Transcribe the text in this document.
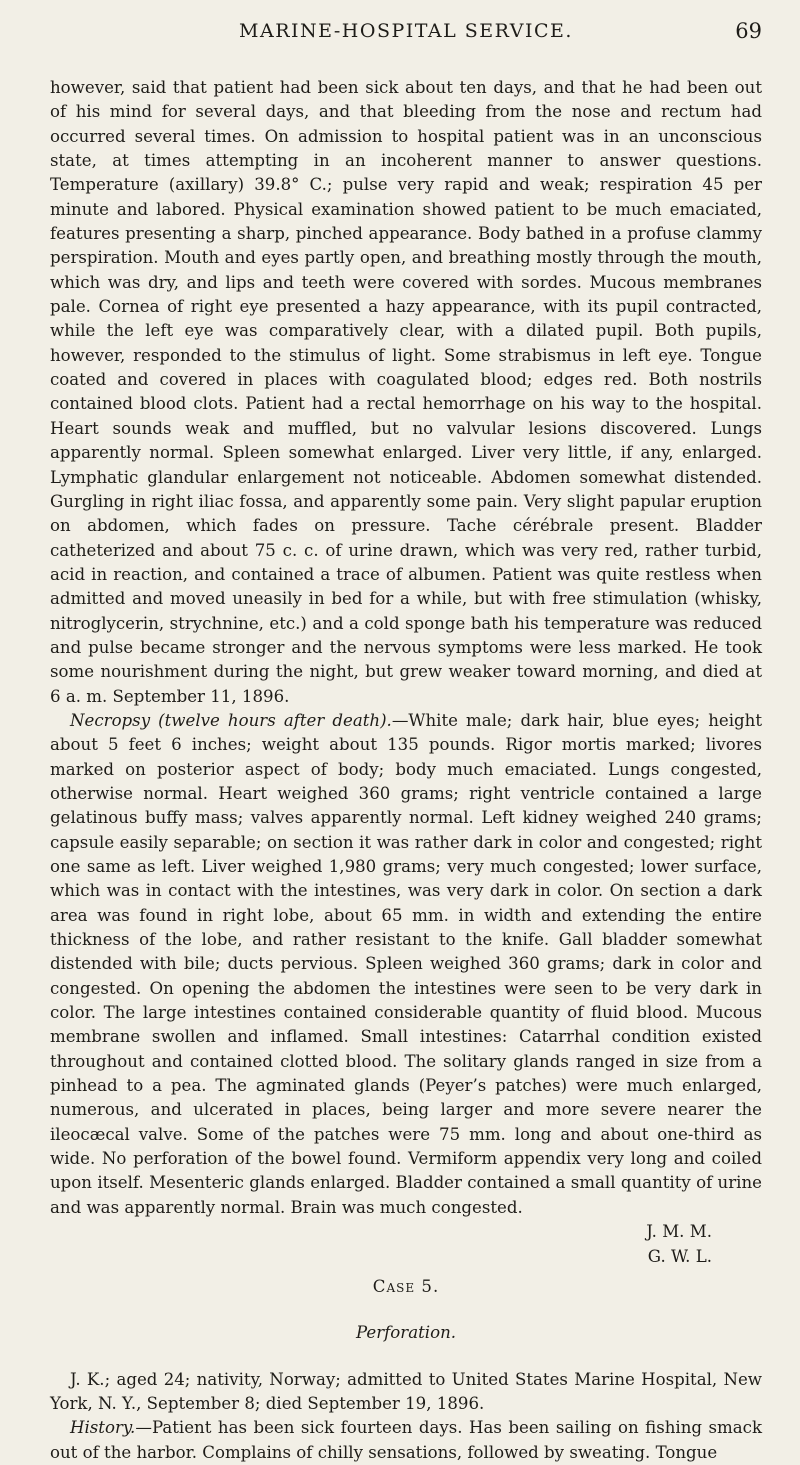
MARINE-HOSPITAL SERVICE.	69

however, said that patient had been sick about ten days, and that he had been out of his mind for several days, and that bleeding from the nose and rectum had occurred several times. On admission to hospital patient was in an unconscious state, at times attempting in an incoherent manner to answer questions. Temperature (axillary) 39.8° C.; pulse very rapid and weak; respiration 45 per minute and labored. Physical examination showed patient to be much emaciated, features presenting a sharp, pinched appearance. Body bathed in a profuse clammy perspiration. Mouth and eyes partly open, and breathing mostly through the mouth, which was dry, and lips and teeth were covered with sordes. Mucous membranes pale. Cornea of right eye presented a hazy appearance, with its pupil contracted, while the left eye was comparatively clear, with a dilated pupil. Both pupils, however, responded to the stimulus of light. Some strabismus in left eye. Tongue coated and covered in places with coagulated blood; edges red. Both nostrils contained blood clots. Patient had a rectal hemorrhage on his way to the hospital. Heart sounds weak and muffled, but no valvular lesions discovered. Lungs apparently normal. Spleen somewhat enlarged. Liver very little, if any, enlarged. Lymphatic glandular enlargement not noticeable. Abdomen somewhat distended. Gurgling in right iliac fossa, and apparently some pain. Very slight papular eruption on abdomen, which fades on pressure. Tache cérébrale present. Bladder catheterized and about 75 c. c. of urine drawn, which was very red, rather turbid, acid in reaction, and contained a trace of albumen. Patient was quite restless when admitted and moved uneasily in bed for a while, but with free stimulation (whisky, nitroglycerin, strychnine, etc.) and a cold sponge bath his temperature was reduced and pulse became stronger and the nervous symptoms were less marked. He took some nourishment during the night, but grew weaker toward morning, and died at 6 a. m. September 11, 1896.

Necropsy (twelve hours after death).—White male; dark hair, blue eyes; height about 5 feet 6 inches; weight about 135 pounds. Rigor mortis marked; livores marked on posterior aspect of body; body much emaciated. Lungs congested, otherwise normal. Heart weighed 360 grams; right ventricle contained a large gelatinous buffy mass; valves apparently normal. Left kidney weighed 240 grams; capsule easily separable; on section it was rather dark in color and congested; right one same as left. Liver weighed 1,980 grams; very much congested; lower surface, which was in contact with the intestines, was very dark in color. On section a dark area was found in right lobe, about 65 mm. in width and extending the entire thickness of the lobe, and rather resistant to the knife. Gall bladder somewhat distended with bile; ducts pervious. Spleen weighed 360 grams; dark in color and congested. On opening the abdomen the intestines were seen to be very dark in color. The large intestines contained considerable quantity of fluid blood. Mucous membrane swollen and inflamed. Small intestines: Catarrhal condition existed throughout and contained clotted blood. The solitary glands ranged in size from a pinhead to a pea. The agminated glands (Peyer’s patches) were much enlarged, numerous, and ulcerated in places, being larger and more severe nearer the ileocæcal valve. Some of the patches were 75 mm. long and about one-third as wide. No perforation of the bowel found. Vermiform appendix very long and coiled upon itself. Mesenteric glands enlarged. Bladder contained a small quantity of urine and was apparently normal. Brain was much congested.

J. M. M.
G. W. L.
Case 5.
Perforation.

J. K.; aged 24; nativity, Norway; admitted to United States Marine Hospital, New York, N. Y., September 8; died September 19, 1896.

History.—Patient has been sick fourteen days. Has been sailing on fishing smack out of the harbor. Complains of chilly sensations, followed by sweating. Tongue
